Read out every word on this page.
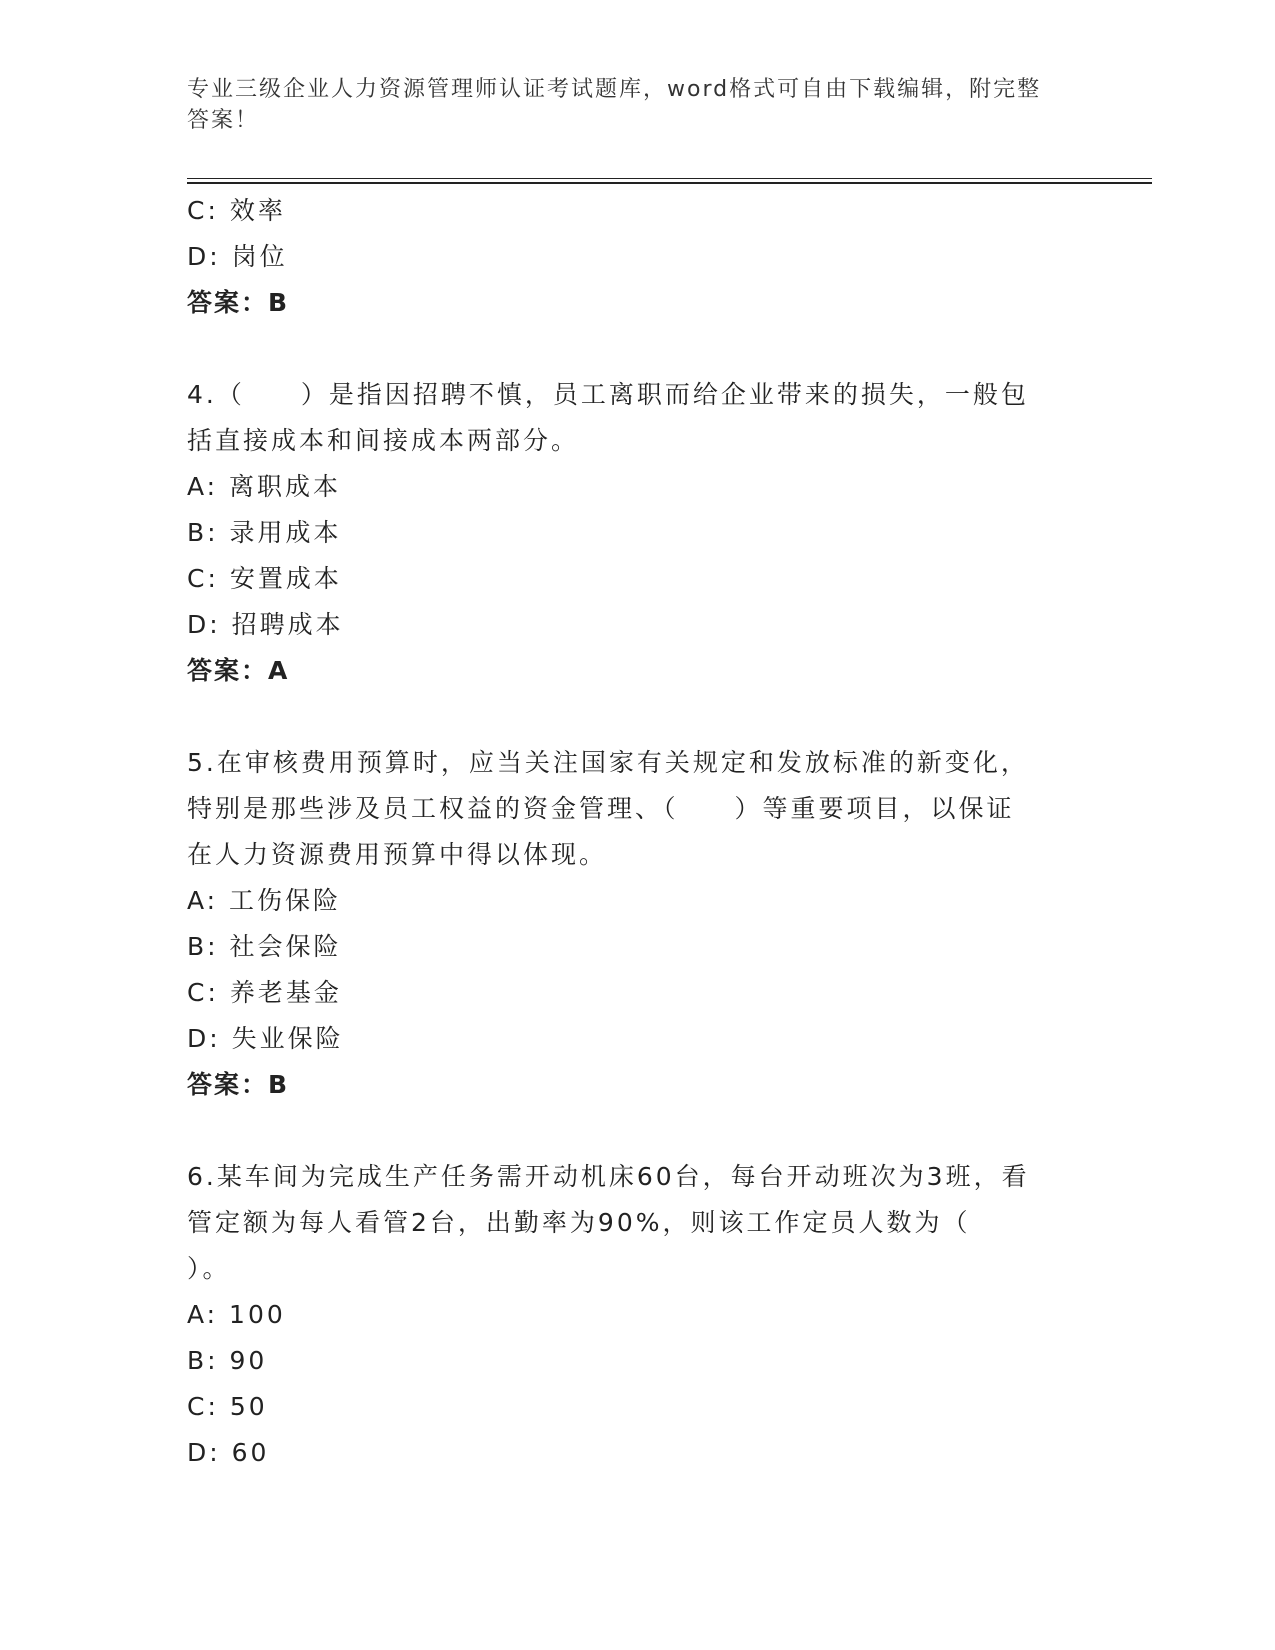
专业三级企业人力资源管理师认证考试题库，word格式可自由下载编辑，附完整
答案！
C: 效率
D: 岗位
答案：B
4.（　　）是指因招聘不慎，员工离职而给企业带来的损失，一般包
括直接成本和间接成本两部分。
A: 离职成本
B: 录用成本
C: 安置成本
D: 招聘成本
答案：A
5.在审核费用预算时，应当关注国家有关规定和发放标准的新变化，
特别是那些涉及员工权益的资金管理、（　　）等重要项目，以保证
在人力资源费用预算中得以体现。
A: 工伤保险
B: 社会保险
C: 养老基金
D: 失业保险
答案：B
6.某车间为完成生产任务需开动机床60台，每台开动班次为3班，看
管定额为每人看管2台，出勤率为90%，则该工作定员人数为（
）。
A: 100
B: 90
C: 50
D: 60
